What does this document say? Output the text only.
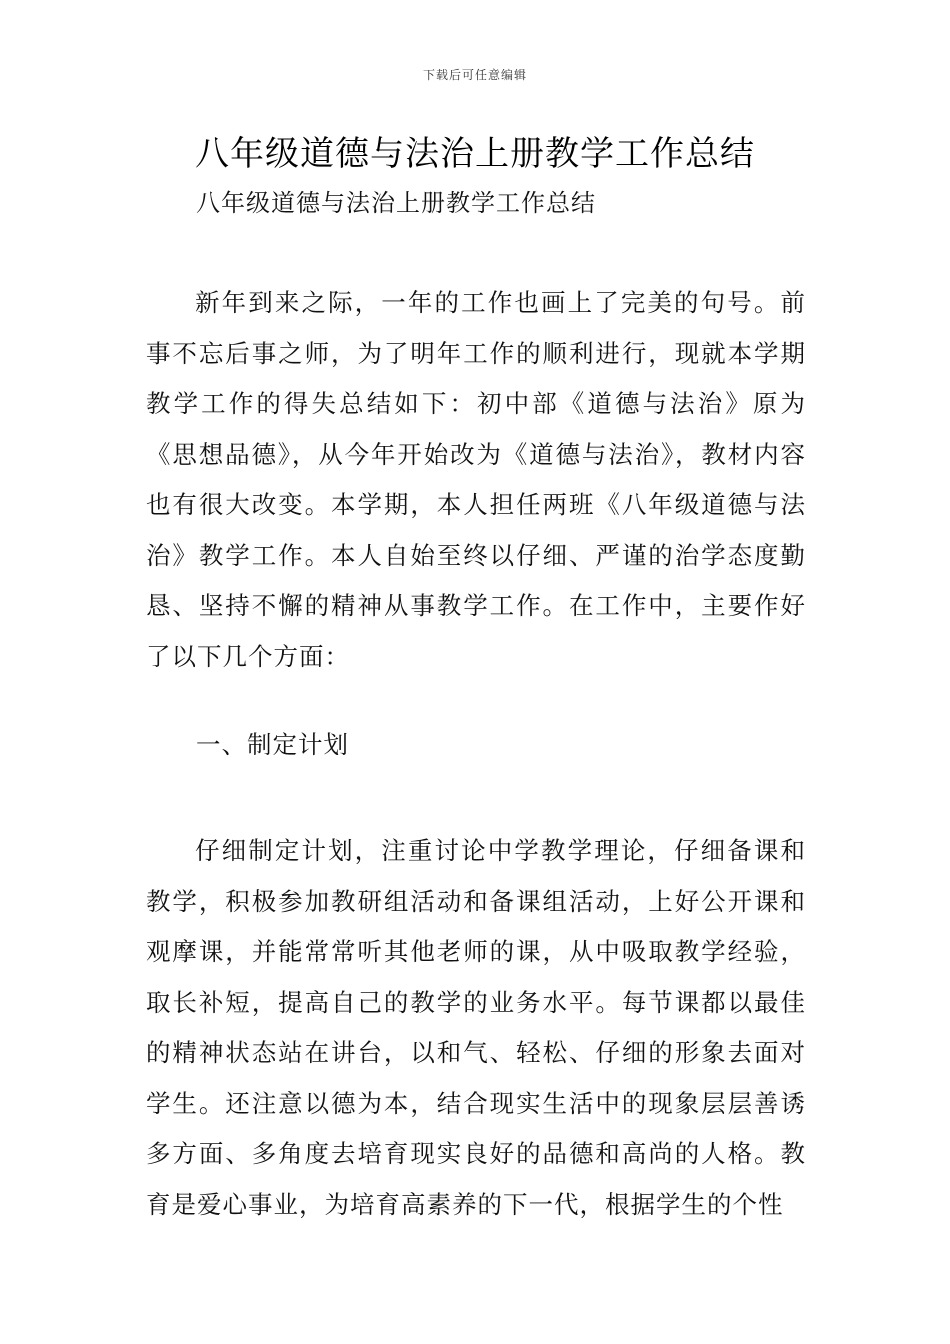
下载后可任意编辑
八年级道德与法治上册教学工作总结
八年级道德与法治上册教学工作总结

新年到来之际，一年的工作也画上了完美的句号。前事不忘后事之师，为了明年工作的顺利进行，现就本学期教学工作的得失总结如下：初中部《道德与法治》原为《思想品德》，从今年开始改为《道德与法治》，教材内容也有很大改变。本学期，本人担任两班《八年级道德与法治》教学工作。本人自始至终以仔细、严谨的治学态度勤恳、坚持不懈的精神从事教学工作。在工作中，主要作好了以下几个方面：

一、制定计划

仔细制定计划，注重讨论中学教学理论，仔细备课和教学，积极参加教研组活动和备课组活动，上好公开课和观摩课，并能常常听其他老师的课，从中吸取教学经验，取长补短，提高自己的教学的业务水平。每节课都以最佳的精神状态站在讲台，以和气、轻松、仔细的形象去面对学生。还注意以德为本，结合现实生活中的现象层层善诱多方面、多角度去培育现实良好的品德和高尚的人格。教育是爱心事业，为培育高素养的下一代，根据学生的个性
